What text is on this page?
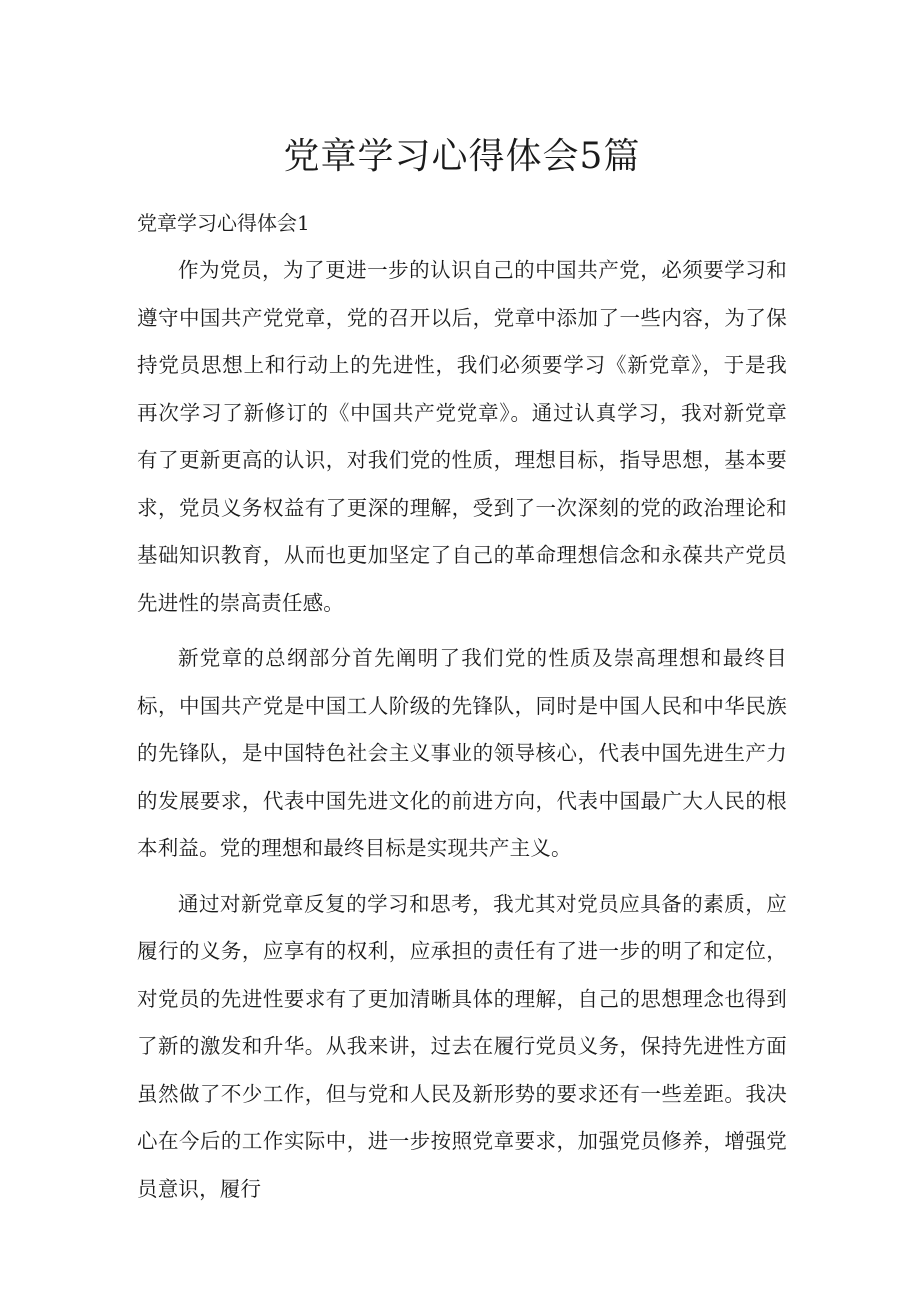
党章学习心得体会5篇
党章学习心得体会1

作为党员，为了更进一步的认识自己的中国共产党，必须要学习和遵守中国共产党党章，党的召开以后，党章中添加了一些内容，为了保持党员思想上和行动上的先进性，我们必须要学习《新党章》，于是我再次学习了新修订的《中国共产党党章》。通过认真学习，我对新党章有了更新更高的认识，对我们党的性质，理想目标，指导思想，基本要求，党员义务权益有了更深的理解，受到了一次深刻的党的政治理论和基础知识教育，从而也更加坚定了自己的革命理想信念和永葆共产党员先进性的崇高责任感。

新党章的总纲部分首先阐明了我们党的性质及崇高理想和最终目标，中国共产党是中国工人阶级的先锋队，同时是中国人民和中华民族的先锋队，是中国特色社会主义事业的领导核心，代表中国先进生产力的发展要求，代表中国先进文化的前进方向，代表中国最广大人民的根本利益。党的理想和最终目标是实现共产主义。

通过对新党章反复的学习和思考，我尤其对党员应具备的素质，应履行的义务，应享有的权利，应承担的责任有了进一步的明了和定位，对党员的先进性要求有了更加清晰具体的理解，自己的思想理念也得到了新的激发和升华。从我来讲，过去在履行党员义务，保持先进性方面虽然做了不少工作，但与党和人民及新形势的要求还有一些差距。我决心在今后的工作实际中，进一步按照党章要求，加强党员修养，增强党员意识，履行
